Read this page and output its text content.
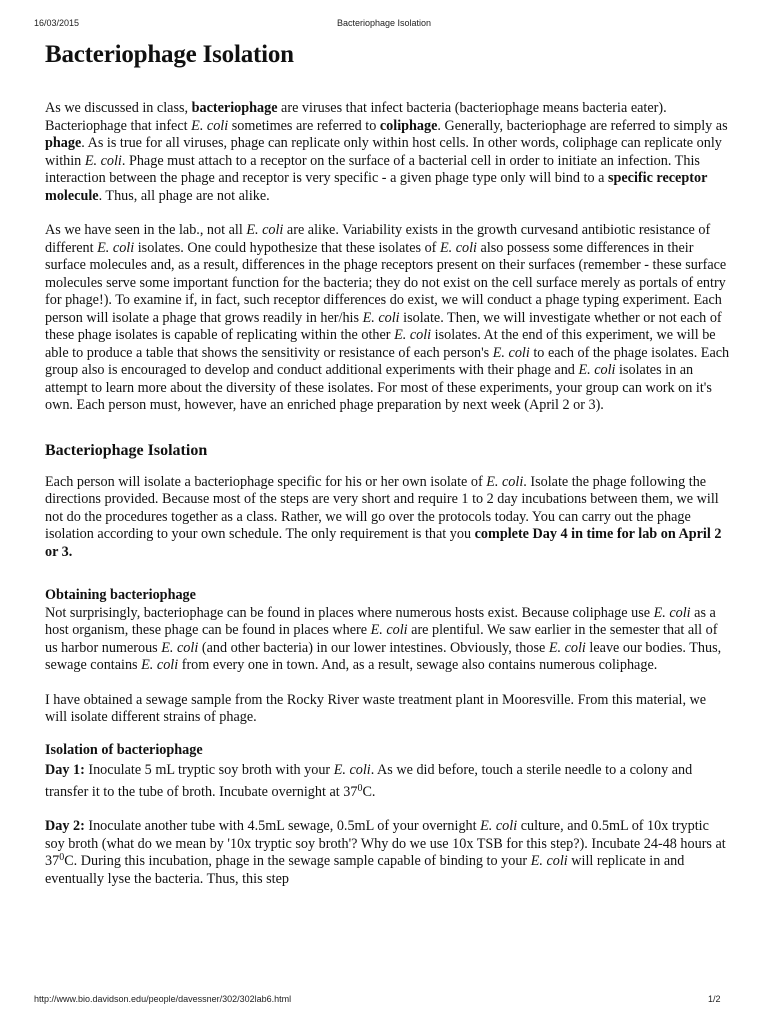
16/03/2015	Bacteriophage Isolation
Bacteriophage Isolation

As we discussed in class, bacteriophage are viruses that infect bacteria (bacteriophage means bacteria eater). Bacteriophage that infect E. coli sometimes are referred to coliphage. Generally, bacteriophage are referred to simply as phage. As is true for all viruses, phage can replicate only within host cells. In other words, coliphage can replicate only within E. coli. Phage must attach to a receptor on the surface of a bacterial cell in order to initiate an infection. This interaction between the phage and receptor is very specific - a given phage type only will bind to a specific receptor molecule. Thus, all phage are not alike.

As we have seen in the lab., not all E. coli are alike. Variability exists in the growth curvesand antibiotic resistance of different E. coli isolates. One could hypothesize that these isolates of E. coli also possess some differences in their surface molecules and, as a result, differences in the phage receptors present on their surfaces (remember - these surface molecules serve some important function for the bacteria; they do not exist on the cell surface merely as portals of entry for phage!). To examine if, in fact, such receptor differences do exist, we will conduct a phage typing experiment. Each person will isolate a phage that grows readily in her/his E. coli isolate. Then, we will investigate whether or not each of these phage isolates is capable of replicating within the other E. coli isolates. At the end of this experiment, we will be able to produce a table that shows the sensitivity or resistance of each person's E. coli to each of the phage isolates. Each group also is encouraged to develop and conduct additional experiments with their phage and E. coli isolates in an attempt to learn more about the diversity of these isolates. For most of these experiments, your group can work on it's own. Each person must, however, have an enriched phage preparation by next week (April 2 or 3).

Bacteriophage Isolation

Each person will isolate a bacteriophage specific for his or her own isolate of E. coli. Isolate the phage following the directions provided. Because most of the steps are very short and require 1 to 2 day incubations between them, we will not do the procedures together as a class. Rather, we will go over the protocols today. You can carry out the phage isolation according to your own schedule. The only requirement is that you complete Day 4 in time for lab on April 2 or 3.

Obtaining bacteriophage

Not surprisingly, bacteriophage can be found in places where numerous hosts exist. Because coliphage use E. coli as a host organism, these phage can be found in places where E. coli are plentiful. We saw earlier in the semester that all of us harbor numerous E. coli (and other bacteria) in our lower intestines. Obviously, those E. coli leave our bodies. Thus, sewage contains E. coli from every one in town. And, as a result, sewage also contains numerous coliphage.

I have obtained a sewage sample from the Rocky River waste treatment plant in Mooresville. From this material, we will isolate different strains of phage.

Isolation of bacteriophage

Day 1: Inoculate 5 mL tryptic soy broth with your E. coli. As we did before, touch a sterile needle to a colony and transfer it to the tube of broth. Incubate overnight at $37^0C$.

Day 2: Inoculate another tube with 4.5mL sewage, 0.5mL of your overnight E. coli culture, and 0.5mL of 10x tryptic soy broth (what do we mean by '10x tryptic soy broth'? Why do we use 10x TSB for this step?). Incubate 24-48 hours at $37^0C$. During this incubation, phage in the sewage sample capable of binding to your E. coli will replicate in and eventually lyse the bacteria. Thus, this step

http://www.bio.davidson.edu/people/davessner/302/302lab6.html	1/2
